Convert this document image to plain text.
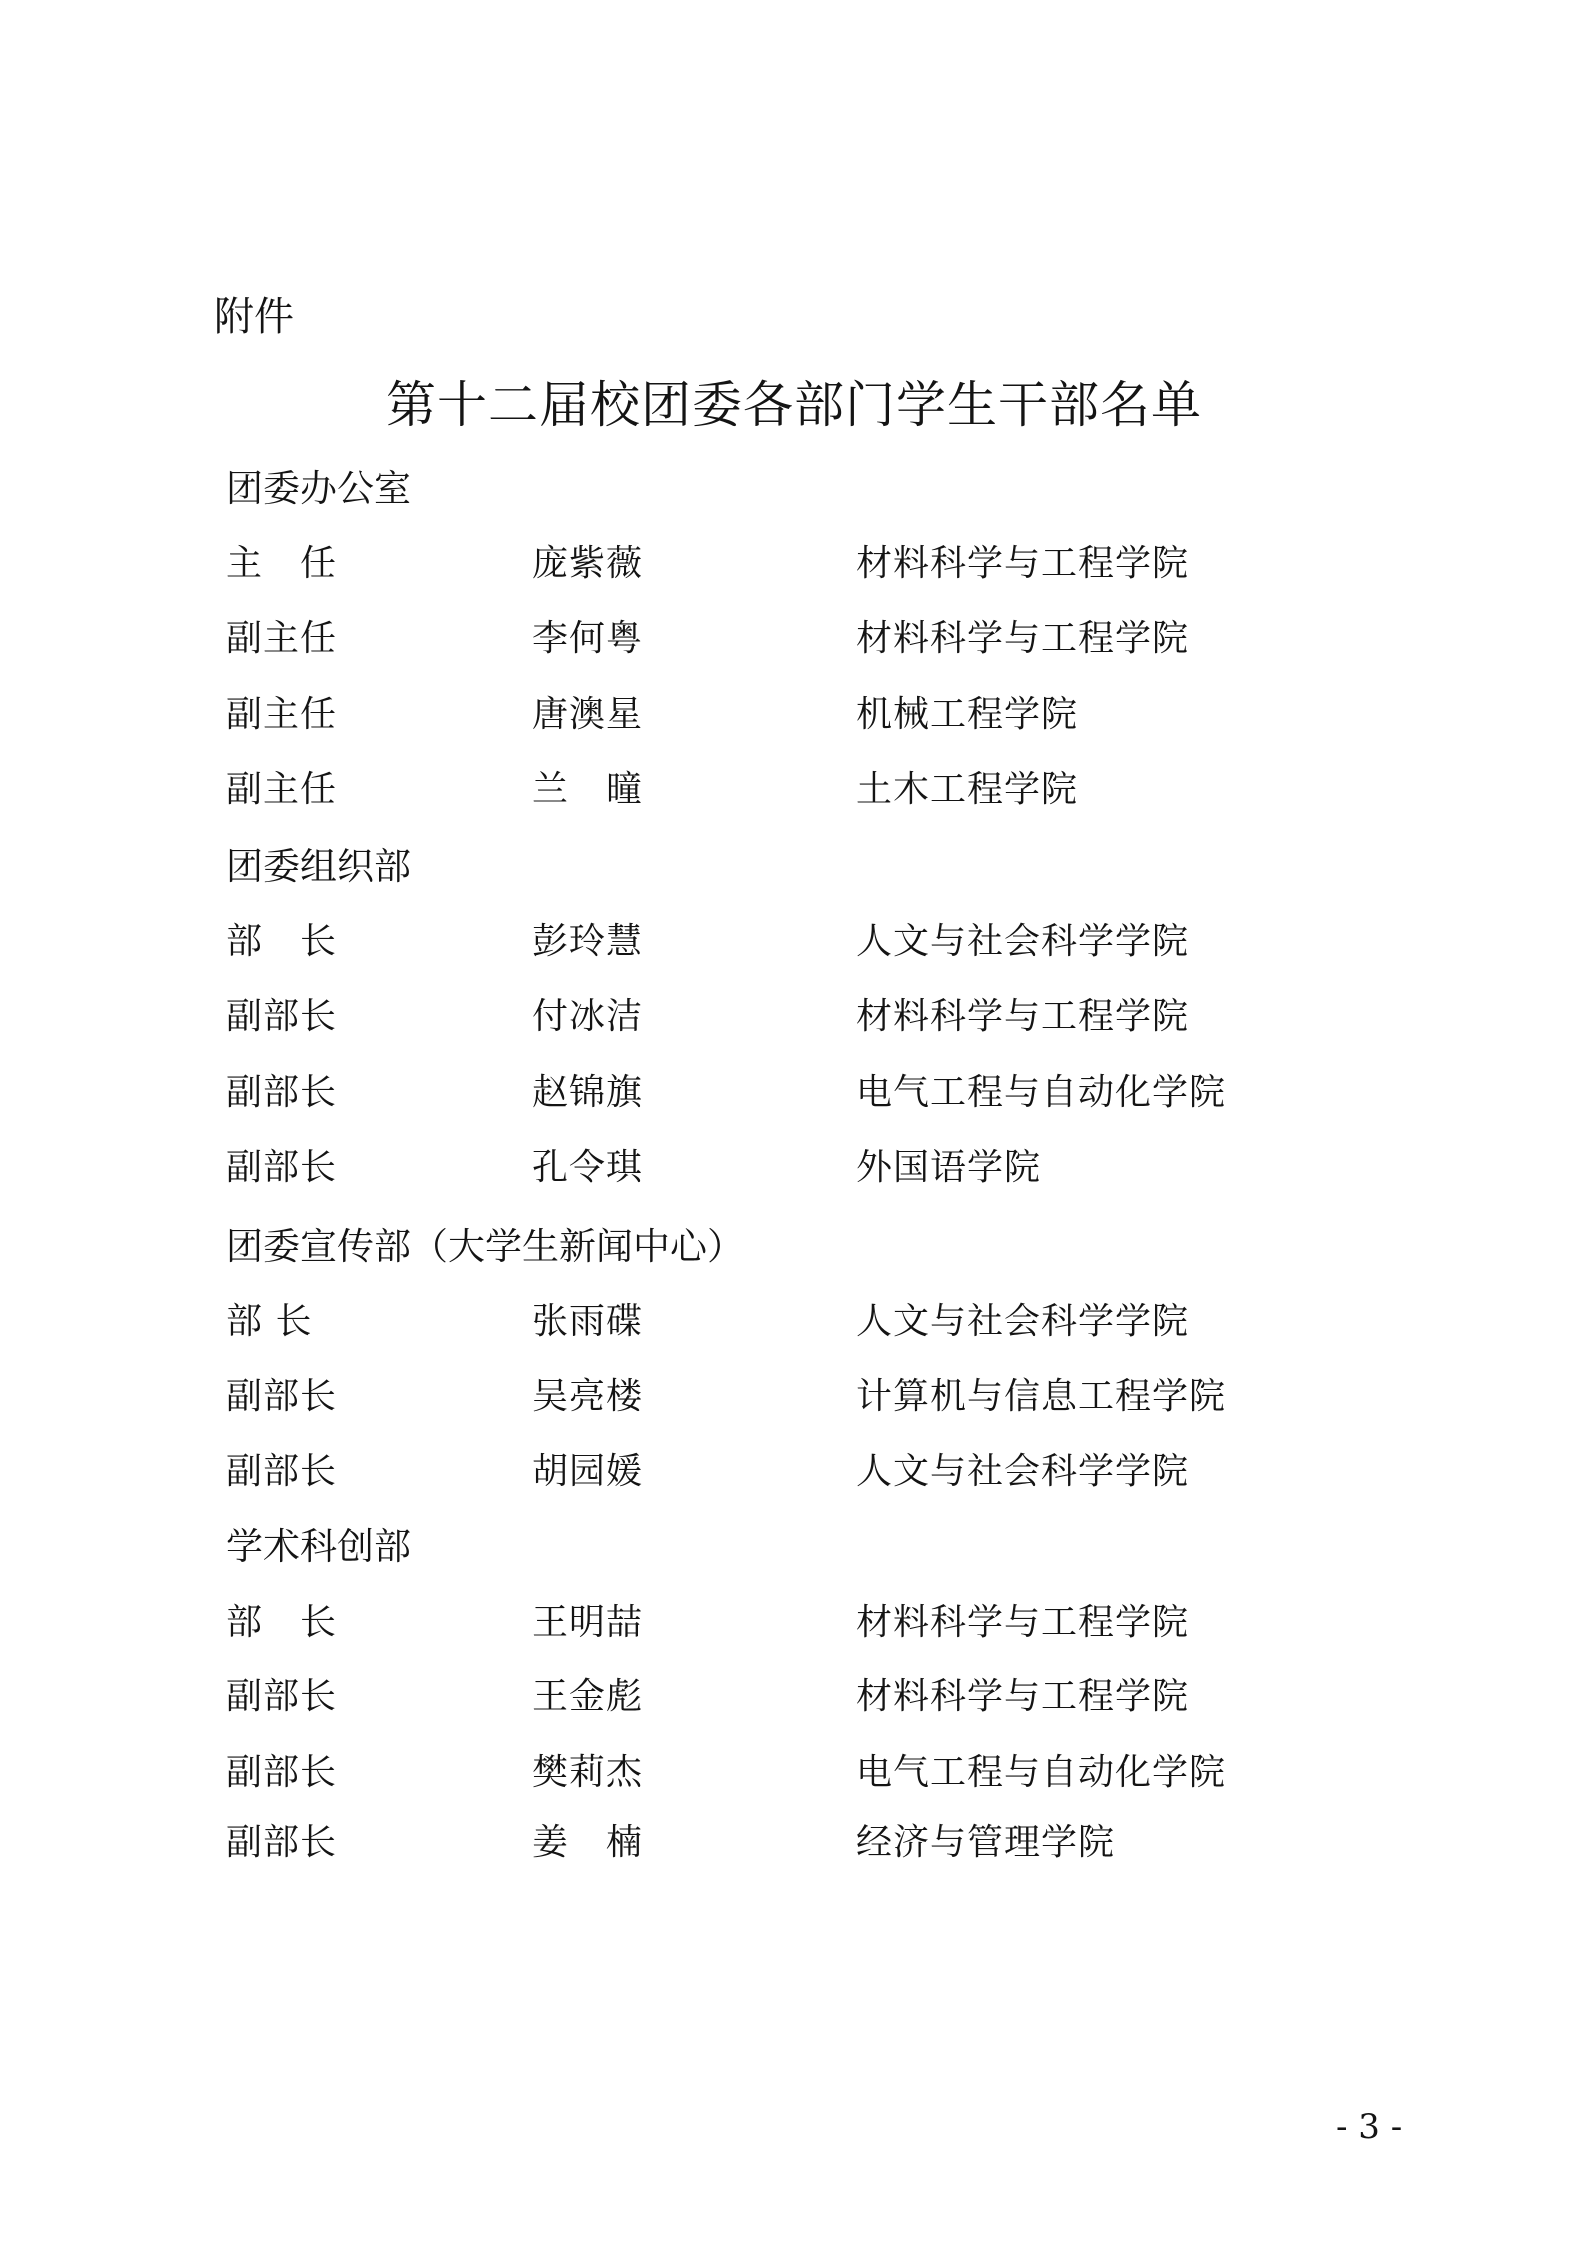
附件
第十二届校团委各部门学生干部名单
团委办公室
主　任	庞紫薇	材料科学与工程学院
副主任	李何粤	材料科学与工程学院
副主任	唐澳星	机械工程学院
副主任	兰　曈	土木工程学院
团委组织部
部　长	彭玲慧	人文与社会科学学院
副部长	付冰洁	材料科学与工程学院
副部长	赵锦旗	电气工程与自动化学院
副部长	孔令琪	外国语学院
团委宣传部（大学生新闻中心）
部 长	张雨碟	人文与社会科学学院
副部长	吴亮楼	计算机与信息工程学院
副部长	胡园媛	人文与社会科学学院
学术科创部
部　长	王明喆	材料科学与工程学院
副部长	王金彪	材料科学与工程学院
副部长	樊莉杰	电气工程与自动化学院
副部长	姜　楠	经济与管理学院
- 3 -
